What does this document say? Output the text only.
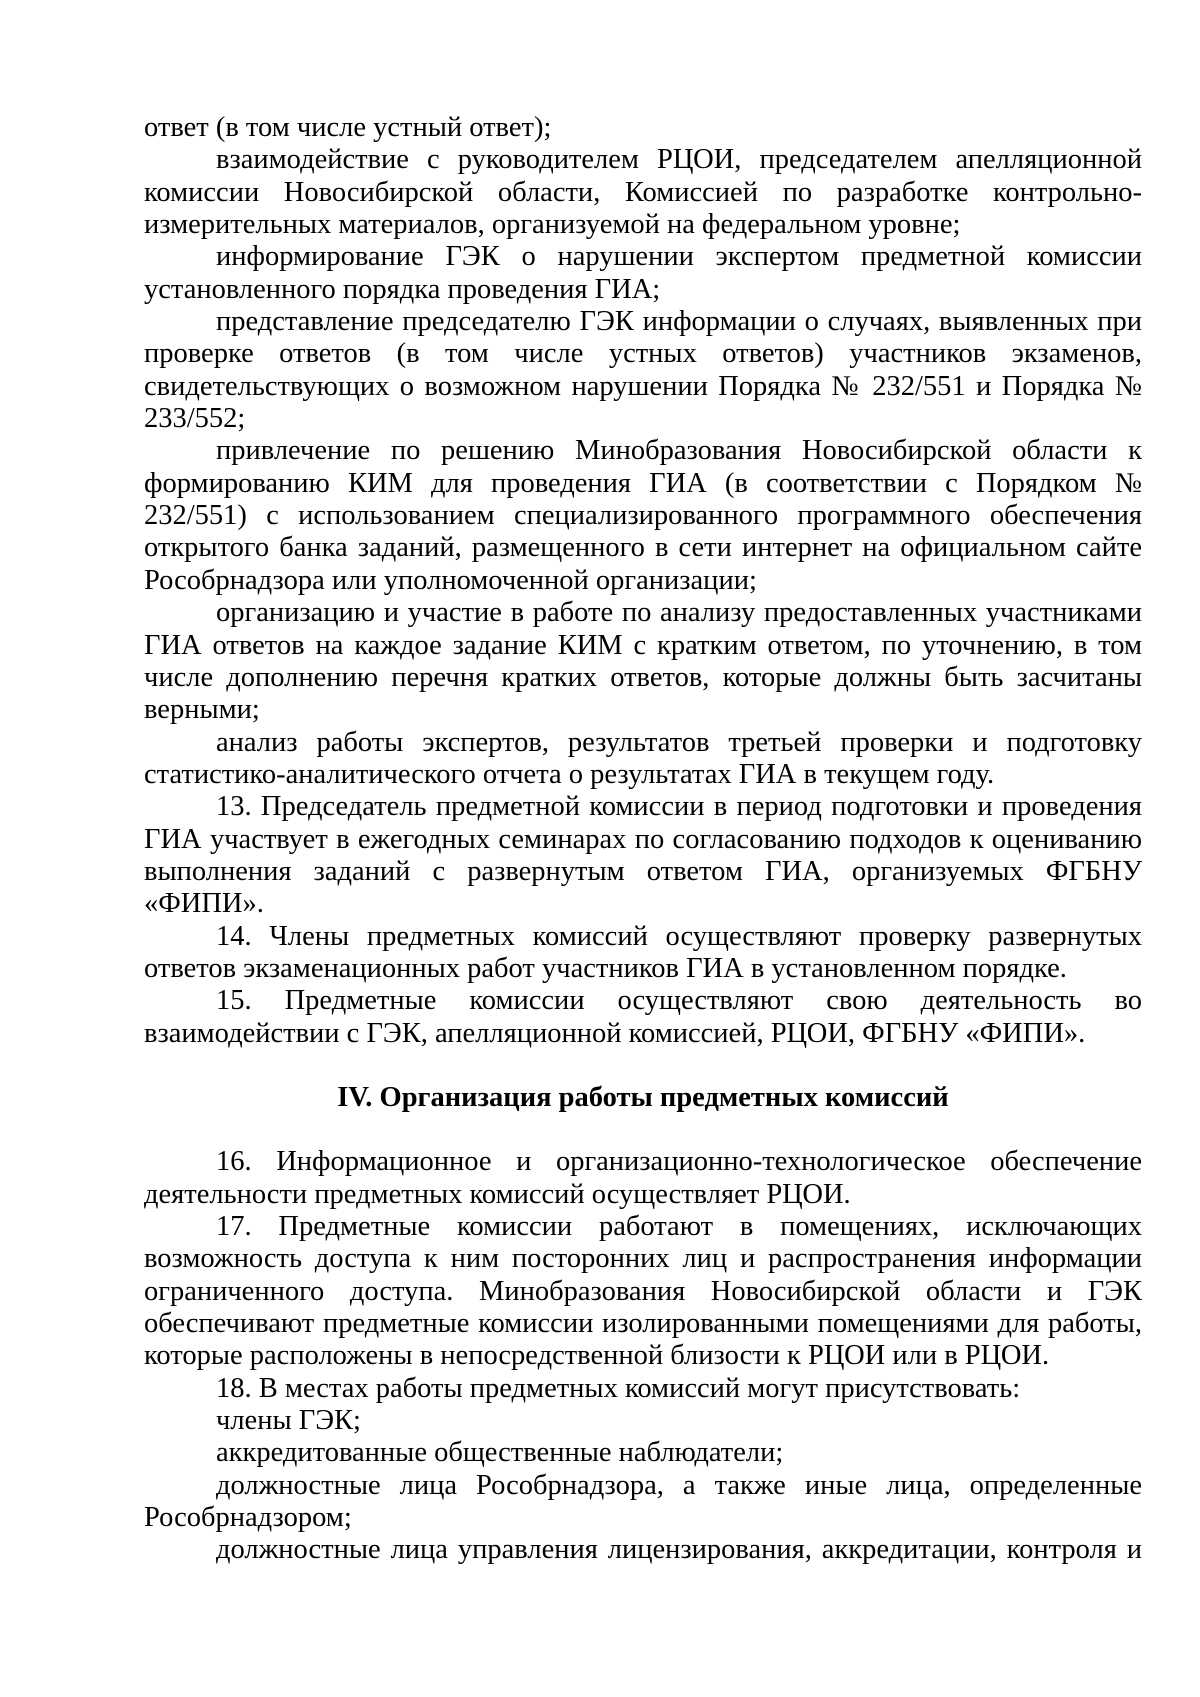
ответ (в том числе устный ответ);

взаимодействие с руководителем РЦОИ, председателем апелляционной комиссии Новосибирской области, Комиссией по разработке контрольно-измерительных материалов, организуемой на федеральном уровне;

информирование ГЭК о нарушении экспертом предметной комиссии установленного порядка проведения ГИА;

представление председателю ГЭК информации о случаях, выявленных при проверке ответов (в том числе устных ответов) участников экзаменов, свидетельствующих о возможном нарушении Порядка № 232/551 и Порядка № 233/552;

привлечение по решению Минобразования Новосибирской области к формированию КИМ для проведения ГИА (в соответствии с Порядком № 232/551) с использованием специализированного программного обеспечения открытого банка заданий, размещенного в сети интернет на официальном сайте Рособрнадзора или уполномоченной организации;

организацию и участие в работе по анализу предоставленных участниками ГИА ответов на каждое задание КИМ с кратким ответом, по уточнению, в том числе дополнению перечня кратких ответов, которые должны быть засчитаны верными;

анализ работы экспертов, результатов третьей проверки и подготовку статистико-аналитического отчета о результатах ГИА в текущем году.

13. Председатель предметной комиссии в период подготовки и проведения ГИА участвует в ежегодных семинарах по согласованию подходов к оцениванию выполнения заданий с развернутым ответом ГИА, организуемых ФГБНУ «ФИПИ».

14. Члены предметных комиссий осуществляют проверку развернутых ответов экзаменационных работ участников ГИА в установленном порядке.

15. Предметные комиссии осуществляют свою деятельность во взаимодействии с ГЭК, апелляционной комиссией, РЦОИ, ФГБНУ «ФИПИ».

IV. Организация работы предметных комиссий

16. Информационное и организационно-технологическое обеспечение деятельности предметных комиссий осуществляет РЦОИ.

17. Предметные комиссии работают в помещениях, исключающих возможность доступа к ним посторонних лиц и распространения информации ограниченного доступа. Минобразования Новосибирской области и ГЭК обеспечивают предметные комиссии изолированными помещениями для работы, которые расположены в непосредственной близости к РЦОИ или в РЦОИ.

18. В местах работы предметных комиссий могут присутствовать:

члены ГЭК;

аккредитованные общественные наблюдатели;

должностные лица Рособрнадзора, а также иные лица, определенные Рособрнадзором;

должностные лица управления лицензирования, аккредитации, контроля и
